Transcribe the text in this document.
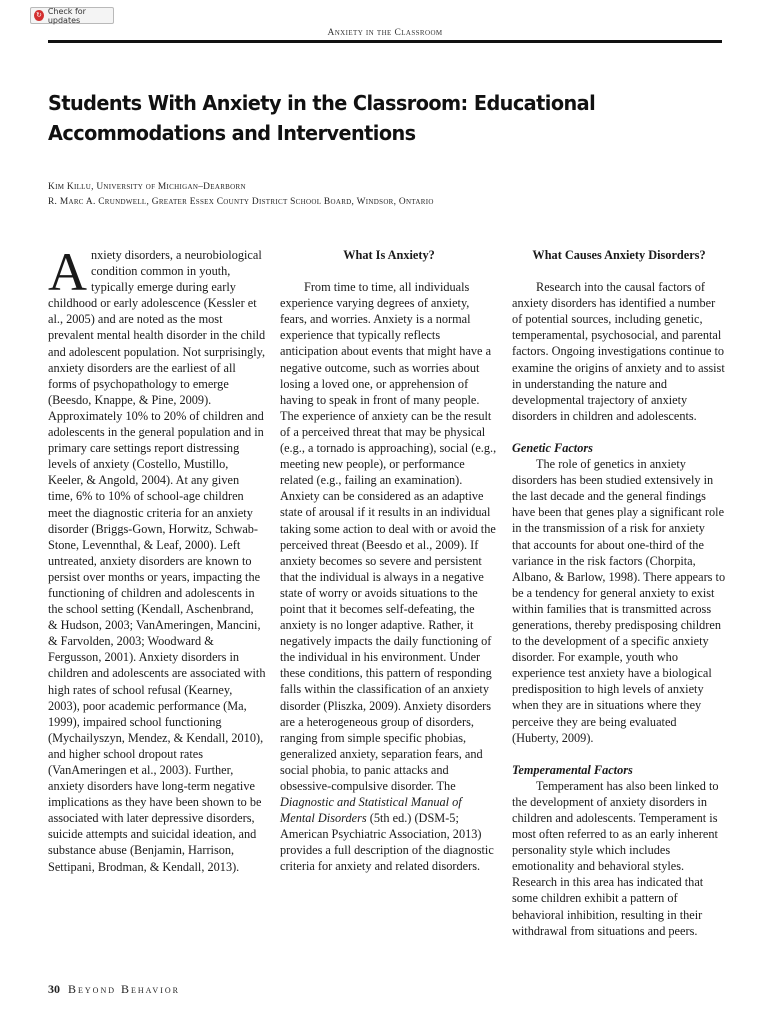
↻ Check for updates
Anxiety in the Classroom
Students With Anxiety in the Classroom: Educational Accommodations and Interventions
Kim Killu, University of Michigan–Dearborn
R. Marc A. Crundwell, Greater Essex County District School Board, Windsor, Ontario

Anxiety disorders, a neurobiological condition common in youth, typically emerge during early childhood or early adolescence (Kessler et al., 2005) and are noted as the most prevalent mental health disorder in the child and adolescent population. Not surprisingly, anxiety disorders are the earliest of all forms of psychopathology to emerge (Beesdo, Knappe, & Pine, 2009). Approximately 10% to 20% of children and adolescents in the general population and in primary care settings report distressing levels of anxiety (Costello, Mustillo, Keeler, & Angold, 2004). At any given time, 6% to 10% of school-age children meet the diagnostic criteria for an anxiety disorder (Briggs-Gown, Horwitz, Schwab-Stone, Levennthal, & Leaf, 2000). Left untreated, anxiety disorders are known to persist over months or years, impacting the functioning of children and adolescents in the school setting (Kendall, Aschenbrand, & Hudson, 2003; VanAmeringen, Mancini, & Farvolden, 2003; Woodward & Fergusson, 2001). Anxiety disorders in children and adolescents are associated with high rates of school refusal (Kearney, 2003), poor academic performance (Ma, 1999), impaired school functioning (Mychailyszyn, Mendez, & Kendall, 2010), and higher school dropout rates (VanAmeringen et al., 2003). Further, anxiety disorders have long-term negative implications as they have been shown to be associated with later depressive disorders, suicide attempts and suicidal ideation, and substance abuse (Benjamin, Harrison, Settipani, Brodman, & Kendall, 2013).

What Is Anxiety?

From time to time, all individuals experience varying degrees of anxiety, fears, and worries. Anxiety is a normal experience that typically reflects anticipation about events that might have a negative outcome, such as worries about losing a loved one, or apprehension of having to speak in front of many people. The experience of anxiety can be the result of a perceived threat that may be physical (e.g., a tornado is approaching), social (e.g., meeting new people), or performance related (e.g., failing an examination). Anxiety can be considered as an adaptive state of arousal if it results in an individual taking some action to deal with or avoid the perceived threat (Beesdo et al., 2009). If anxiety becomes so severe and persistent that the individual is always in a negative state of worry or avoids situations to the point that it becomes self-defeating, the anxiety is no longer adaptive. Rather, it negatively impacts the daily functioning of the individual in his environment. Under these conditions, this pattern of responding falls within the classification of an anxiety disorder (Pliszka, 2009). Anxiety disorders are a heterogeneous group of disorders, ranging from simple specific phobias, generalized anxiety, separation fears, and social phobia, to panic attacks and obsessive-compulsive disorder. The Diagnostic and Statistical Manual of Mental Disorders (5th ed.) (DSM-5; American Psychiatric Association, 2013) provides a full description of the diagnostic criteria for anxiety and related disorders.

What Causes Anxiety Disorders?

Research into the causal factors of anxiety disorders has identified a number of potential sources, including genetic, temperamental, psychosocial, and parental factors. Ongoing investigations continue to examine the origins of anxiety and to assist in understanding the nature and developmental trajectory of anxiety disorders in children and adolescents.

Genetic Factors

The role of genetics in anxiety disorders has been studied extensively in the last decade and the general findings have been that genes play a significant role in the transmission of a risk for anxiety that accounts for about one-third of the variance in the risk factors (Chorpita, Albano, & Barlow, 1998). There appears to be a tendency for general anxiety to exist within families that is transmitted across generations, thereby predisposing children to the development of a specific anxiety disorder. For example, youth who experience test anxiety have a biological predisposition to high levels of anxiety when they are in situations where they perceive they are being evaluated (Huberty, 2009).

Temperamental Factors

Temperament has also been linked to the development of anxiety disorders in children and adolescents. Temperament is most often referred to as an early inherent personality style which includes emotionality and behavioral styles. Research in this area has indicated that some children exhibit a pattern of behavioral inhibition, resulting in their withdrawal from situations and peers.

30 Beyond Behavior
